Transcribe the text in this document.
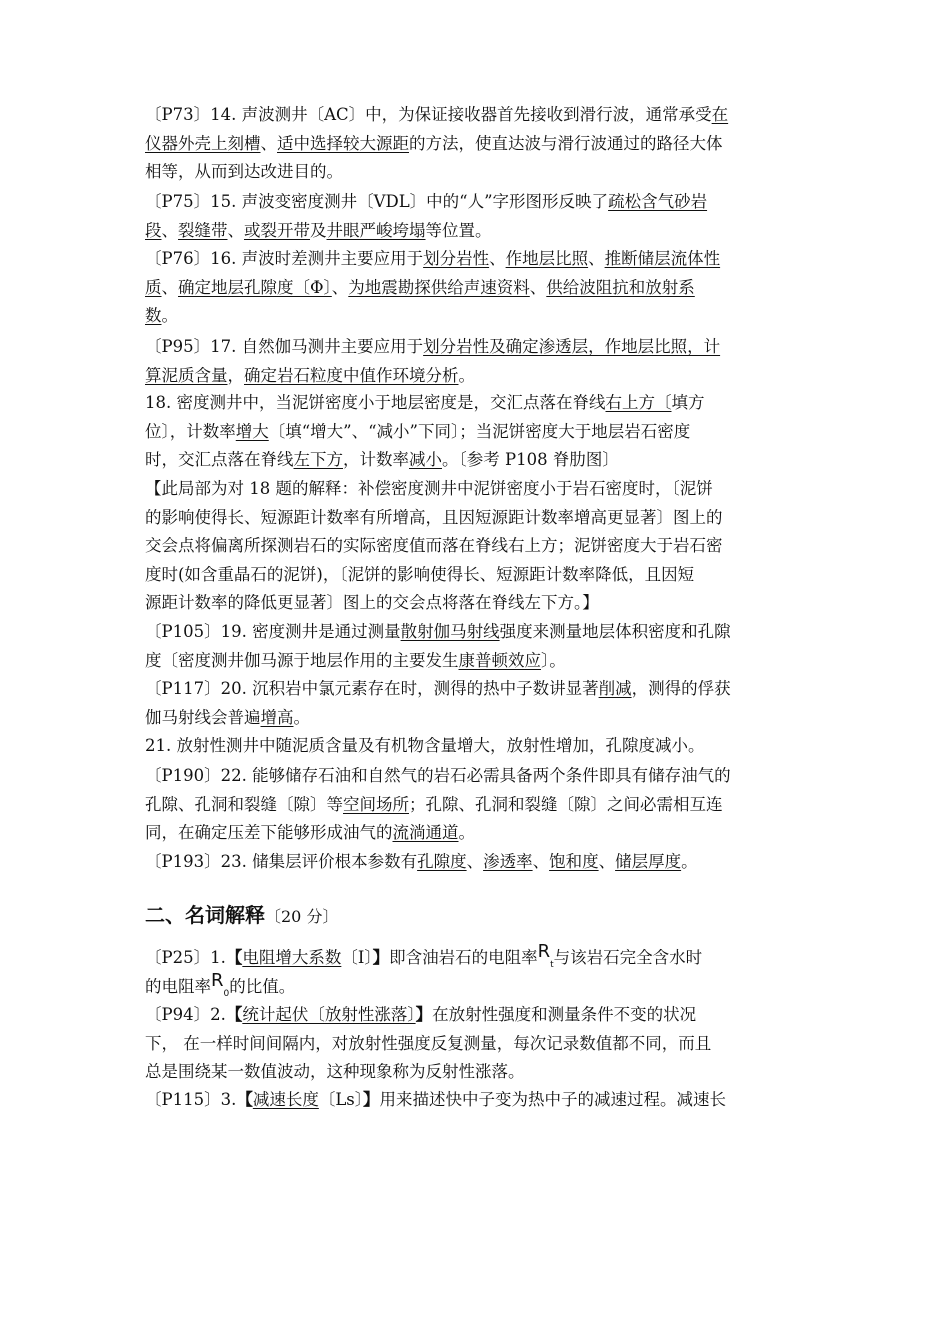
〔P73〕14. 声波测井〔AC〕中，为保证接收器首先接收到滑行波，通常承受在
仪器外壳上刻槽、适中选择较大源距的方法，使直达波与滑行波通过的路径大体
相等，从而到达改进目的。
〔P75〕15. 声波变密度测井〔VDL〕中的“人”字形图形反映了疏松含气砂岩
段、裂缝带、或裂开带及井眼严峻垮塌等位置。
〔P76〕16. 声波时差测井主要应用于划分岩性、作地层比照、推断储层流体性
质、确定地层孔隙度〔Φ〕、为地震勘探供给声速资料、供给波阻抗和放射系
数。
〔P95〕17. 自然伽马测井主要应用于划分岩性及确定渗透层，作地层比照，计
算泥质含量，确定岩石粒度中值作环境分析。
18. 密度测井中，当泥饼密度小于地层密度是，交汇点落在脊线右上方〔填方
位〕，计数率增大〔填“增大”、“减小”下同〕；当泥饼密度大于地层岩石密度
时，交汇点落在脊线左下方，计数率减小。〔参考 P108 脊肋图〕
【此局部为对 18 题的解释：补偿密度测井中泥饼密度小于岩石密度时，〔泥饼
的影响使得长、短源距计数率有所增高，且因短源距计数率增高更显著〕图上的
交会点将偏离所探测岩石的实际密度值而落在脊线右上方；泥饼密度大于岩石密
度时(如含重晶石的泥饼)，〔泥饼的影响使得长、短源距计数率降低，且因短
源距计数率的降低更显著〕图上的交会点将落在脊线左下方。】
〔P105〕19. 密度测井是通过测量散射伽马射线强度来测量地层体积密度和孔隙
度〔密度测井伽马源于地层作用的主要发生康普顿效应〕。
〔P117〕20. 沉积岩中氯元素存在时，测得的热中子数讲显著削减，测得的俘获
伽马射线会普遍增高。
21. 放射性测井中随泥质含量及有机物含量增大，放射性增加，孔隙度减小。
〔P190〕22. 能够储存石油和自然气的岩石必需具备两个条件即具有储存油气的
孔隙、孔洞和裂缝〔隙〕等空间场所；孔隙、孔洞和裂缝〔隙〕之间必需相互连
同，在确定压差下能够形成油气的流淌通道。
〔P193〕23. 储集层评价根本参数有孔隙度、渗透率、饱和度、储层厚度。
二、名词解释〔20 分〕
〔P25〕1.【电阻增大系数〔I〕】即含油岩石的电阻率$R_t$与该岩石完全含水时
的电阻率$R_0$的比值。
〔P94〕2.【统计起伏〔放射性涨落〕】在放射性强度和测量条件不变的状况
下， 在一样时间间隔内，对放射性强度反复测量，每次记录数值都不同，而且
总是围绕某一数值波动，这种现象称为反射性涨落。
〔P115〕3.【减速长度〔Ls〕】用来描述快中子变为热中子的减速过程。减速长
